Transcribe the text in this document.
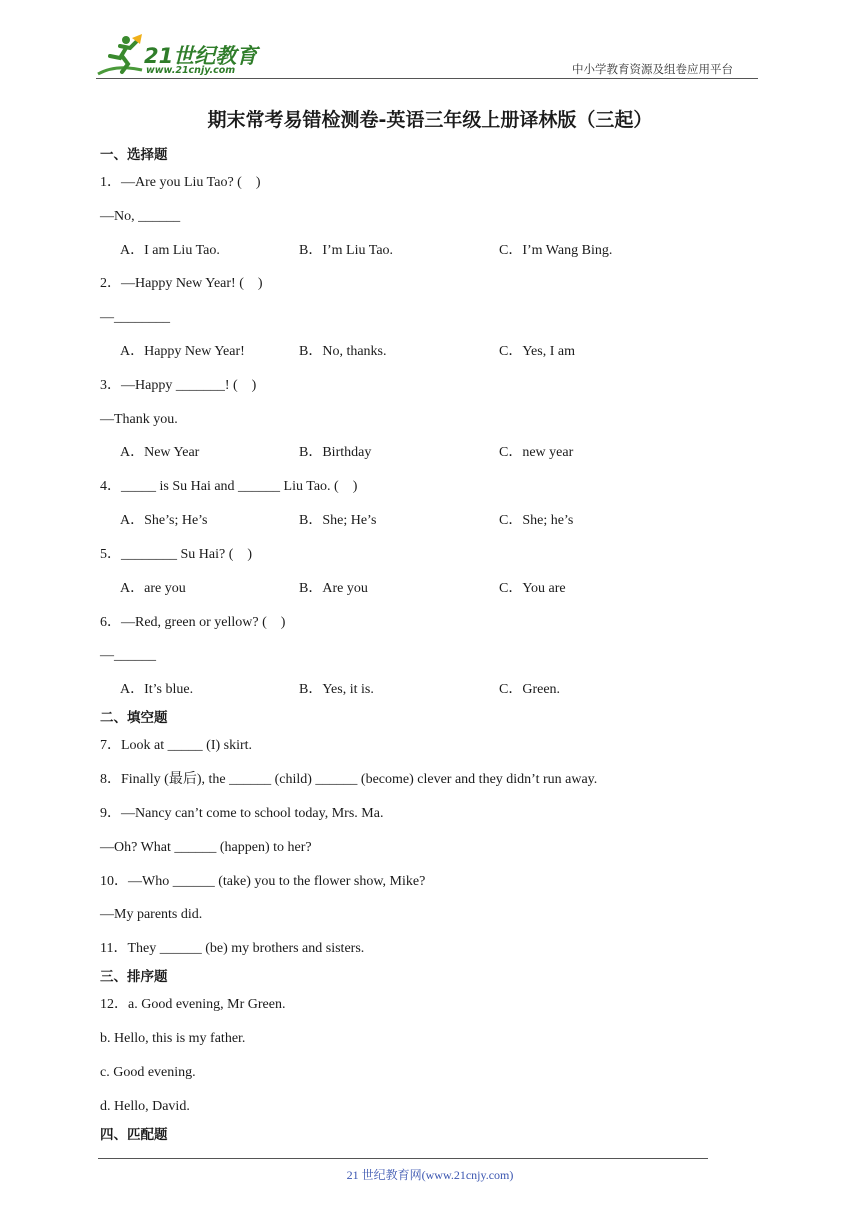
21世纪教育
www.21cnjy.com	中小学教育资源及组卷应用平台
期末常考易错检测卷-英语三年级上册译林版（三起）
一、选择题
1．—Are you Liu Tao? (　)
—No, ______
A．I am Liu Tao.	B．I’m Liu Tao.	C．I’m Wang Bing.
2．—Happy New Year! (　)
—________
A．Happy New Year!	B．No, thanks.	C．Yes, I am
3．—Happy _______! (　)
—Thank you.
A．New Year	B．Birthday	C．new year
4．_____ is Su Hai and ______ Liu Tao. (　)
A．She’s; He’s	B．She; He’s	C．She; he’s
5．________ Su Hai? (　)
A．are you	B．Are you	C．You are
6．—Red, green or yellow? (　)
—______
A．It’s blue.	B．Yes, it is.	C．Green.
二、填空题
7．Look at _____ (I) skirt.
8．Finally (最后), the ______ (child) ______ (become) clever and they didn’t run away.
9．—Nancy can’t come to school today, Mrs. Ma.
—Oh? What ______ (happen) to her?
10．—Who ______ (take) you to the flower show, Mike?
—My parents did.
11．They ______ (be) my brothers and sisters.
三、排序题
12．a. Good evening, Mr Green.
b. Hello, this is my father.
c. Good evening.
d. Hello, David.
四、匹配题
21 世纪教育网(www.21cnjy.com)
